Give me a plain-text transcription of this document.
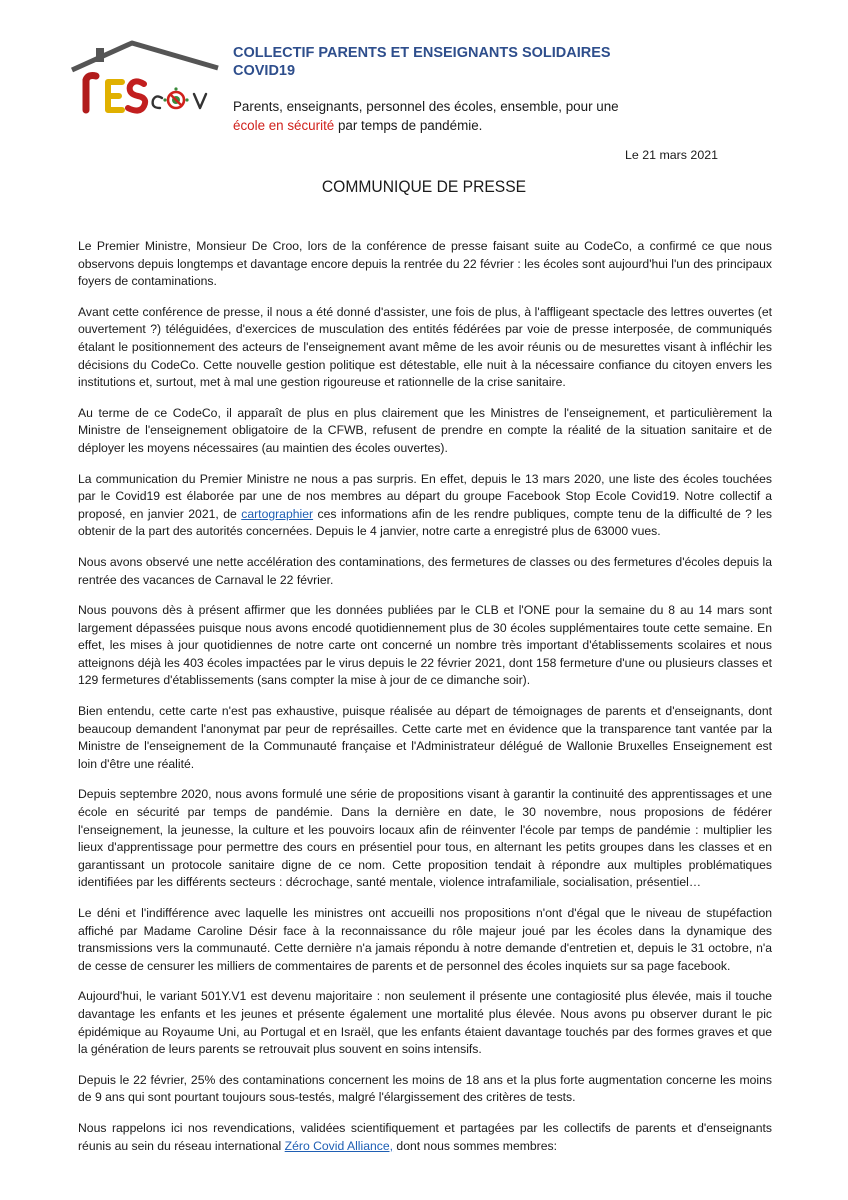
COLLECTIF PARENTS ET ENSEIGNANTS SOLIDAIRES
COVID19
Parents, enseignants, personnel des écoles, ensemble, pour une
école en sécurité par temps de pandémie.
Le 21 mars 2021
COMMUNIQUE DE PRESSE

Le Premier Ministre, Monsieur De Croo, lors de la conférence de presse faisant suite au CodeCo, a confirmé ce que nous observons depuis longtemps et davantage encore depuis la rentrée du 22 février : les écoles sont aujourd'hui l'un des principaux foyers de contaminations.

Avant cette conférence de presse, il nous a été donné d'assister, une fois de plus, à l'affligeant spectacle des lettres ouvertes (et ouvertement ?) téléguidées, d'exercices de musculation des entités fédérées par voie de presse interposée, de communiqués étalant le positionnement des acteurs de l'enseignement avant même de les avoir réunis ou de mesurettes visant à infléchir les décisions du CodeCo. Cette nouvelle gestion politique est détestable, elle nuit à la nécessaire confiance du citoyen envers les institutions et, surtout, met à mal une gestion rigoureuse et rationnelle de la crise sanitaire.

Au terme de ce CodeCo, il apparaît de plus en plus clairement que les Ministres de l'enseignement, et particulièrement la Ministre de l'enseignement obligatoire de la CFWB, refusent de prendre en compte la réalité de la situation sanitaire et de déployer les moyens nécessaires (au maintien des écoles ouvertes).

La communication du Premier Ministre ne nous a pas surpris. En effet, depuis le 13 mars 2020, une liste des écoles touchées par le Covid19 est élaborée par une de nos membres au départ du groupe Facebook Stop Ecole Covid19. Notre collectif a proposé, en janvier 2021, de cartographier ces informations afin de les rendre publiques, compte tenu de la difficulté de ? les obtenir de la part des autorités concernées. Depuis le 4 janvier, notre carte a enregistré plus de 63000 vues.

Nous avons observé une nette accélération des contaminations, des fermetures de classes ou des fermetures d'écoles depuis la rentrée des vacances de Carnaval le 22 février.

Nous pouvons dès à présent affirmer que les données publiées par le CLB et l'ONE pour la semaine du 8 au 14 mars sont largement dépassées puisque nous avons encodé quotidiennement plus de 30 écoles supplémentaires toute cette semaine. En effet, les mises à jour quotidiennes de notre carte ont concerné un nombre très important d'établissements scolaires et nous atteignons déjà les 403 écoles impactées par le virus depuis le 22 février 2021, dont 158 fermeture d'une ou plusieurs classes et 129 fermetures d'établissements (sans compter la mise à jour de ce dimanche soir).

Bien entendu, cette carte n'est pas exhaustive, puisque réalisée au départ de témoignages de parents et d'enseignants, dont beaucoup demandent l'anonymat par peur de représailles. Cette carte met en évidence que la transparence tant vantée par la Ministre de l'enseignement de la Communauté française et l'Administrateur délégué de Wallonie Bruxelles Enseignement est loin d'être une réalité.

Depuis septembre 2020, nous avons formulé une série de propositions visant à garantir la continuité des apprentissages et une école en sécurité par temps de pandémie. Dans la dernière en date, le 30 novembre, nous proposions de fédérer l'enseignement, la jeunesse, la culture et les pouvoirs locaux afin de réinventer l'école par temps de pandémie : multiplier les lieux d'apprentissage pour permettre des cours en présentiel pour tous, en alternant les petits groupes dans les classes et en garantissant un protocole sanitaire digne de ce nom. Cette proposition tendait à répondre aux multiples problématiques identifiées par les différents secteurs : décrochage, santé mentale, violence intrafamiliale, socialisation, présentiel…

Le déni et l'indifférence avec laquelle les ministres ont accueilli nos propositions n'ont d'égal que le niveau de stupéfaction affiché par Madame Caroline Désir face à la reconnaissance du rôle majeur joué par les écoles dans la dynamique des transmissions vers la communauté. Cette dernière n'a jamais répondu à notre demande d'entretien et, depuis le 31 octobre, n'a de cesse de censurer les milliers de commentaires de parents et de personnel des écoles inquiets sur sa page facebook.

Aujourd'hui, le variant 501Y.V1 est devenu majoritaire : non seulement il présente une contagiosité plus élevée, mais il touche davantage les enfants et les jeunes et présente également une mortalité plus élevée. Nous avons pu observer durant le pic épidémique au Royaume Uni, au Portugal et en Israël, que les enfants étaient davantage touchés par des formes graves et que la génération de leurs parents se retrouvait plus souvent en soins intensifs.

Depuis le 22 février, 25% des contaminations concernent les moins de 18 ans et la plus forte augmentation concerne les moins de 9 ans qui sont pourtant toujours sous-testés, malgré l'élargissement des critères de tests.

Nous rappelons ici nos revendications, validées scientifiquement et partagées par les collectifs de parents et d'enseignants réunis au sein du réseau international Zéro Covid Alliance, dont nous sommes membres:
